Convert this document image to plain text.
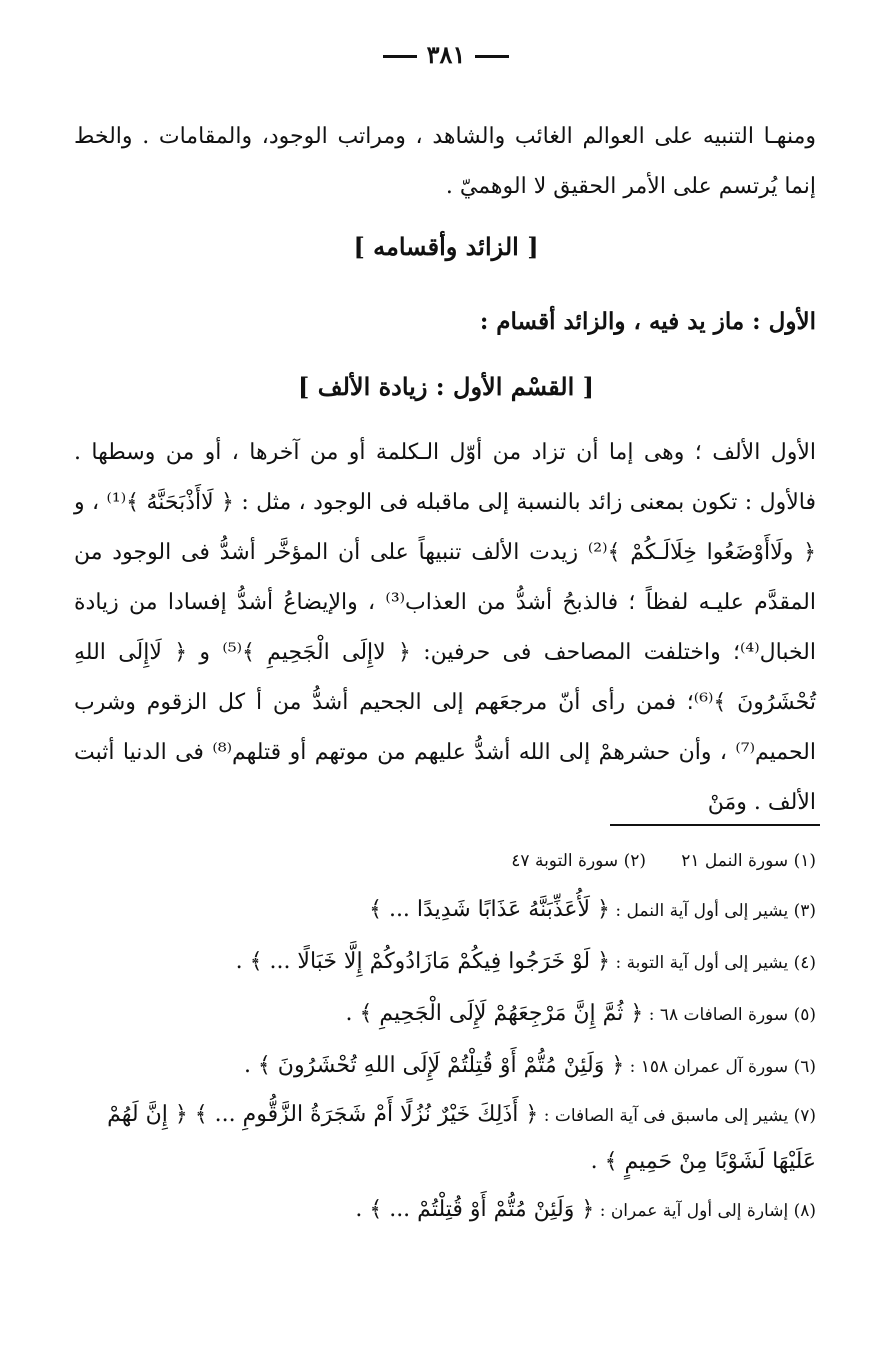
٣٨١
ومنهـا التنبيه على العوالم الغائب والشاهد ، ومراتب الوجود، والمقامات . والخط إنما يُرتسم على الأمر الحقيق لا الوهميّ .
[ الزائد وأقسامه ]
الأول : ماز يد فيه ، والزائد أقسام :
[ القسْم الأول : زيادة الألف ]
الأول الألف ؛ وهى إما أن تزاد من أوّل الـكلمة أو من آخرها ، أو من وسطها . فالأول : تكون بمعنى زائد بالنسبة إلى ماقبله فى الوجود ، مثل : ﴿ لَاأَذْبَحَنَّهُ ﴾⁽¹⁾ ، و ﴿ ولَاأَوْضَعُوا خِلَالَـكُمْ ﴾⁽²⁾ زيدت الألف تنبيهاً على أن المؤخَّر أشدُّ فى الوجود من المقدَّم عليـه لفظاً ؛ فالذبحُ أشدُّ من العذاب⁽³⁾ ، والإيضاعُ أشدُّ إفسادا من زيادة الخبال⁽⁴⁾؛ واختلفت المصاحف فى حرفين: ﴿ لاإِلَى الْجَحِيمِ ﴾⁽⁵⁾ و ﴿ لَاإِلَى اللهِ تُحْشَرُونَ ﴾⁽⁶⁾؛ فمن رأى أنّ مرجعَهم إلى الجحيم أشدُّ من أ كل الزقوم وشرب الحميم⁽⁷⁾ ، وأن حشرهمْ إلى الله أشدُّ عليهم من موتهم أو قتلهم⁽⁸⁾ فى الدنيا أثبت الألف . ومَنْ
(١) سورة النمل ٢١
(٢) سورة التوبة ٤٧
(٣) يشير إلى أول آية النمل : ﴿ لَأُعَذِّبَنَّهُ عَذَابًا شَدِيدًا ... ﴾
(٤) يشير إلى أول آية التوبة : ﴿ لَوْ خَرَجُوا فِيكُمْ مَازَادُوكُمْ إِلَّا خَبَالًا ... ﴾ .
(٥) سورة الصافات ٦٨ : ﴿ ثُمَّ إِنَّ مَرْجِعَهُمْ لَإِلَى الْجَحِيمِ ﴾ .
(٦) سورة آل عمران ١٥٨ : ﴿ وَلَئِنْ مُتُّمْ أَوْ قُتِلْتُمْ لَإِلَى اللهِ تُحْشَرُونَ ﴾ .
(٧) يشير إلى ماسبق فى آية الصافات : ﴿ أَذَلِكَ خَيْرٌ نُزُلًا أَمْ شَجَرَةُ الزَّقُّومِ ... ﴾ ﴿ إِنَّ لَهُمْ عَلَيْهَا لَشَوْبًا مِنْ حَمِيمٍ ﴾ .
(٨) إشارة إلى أول آية عمران : ﴿ وَلَئِنْ مُتُّمْ أَوْ قُتِلْتُمْ ... ﴾ .
